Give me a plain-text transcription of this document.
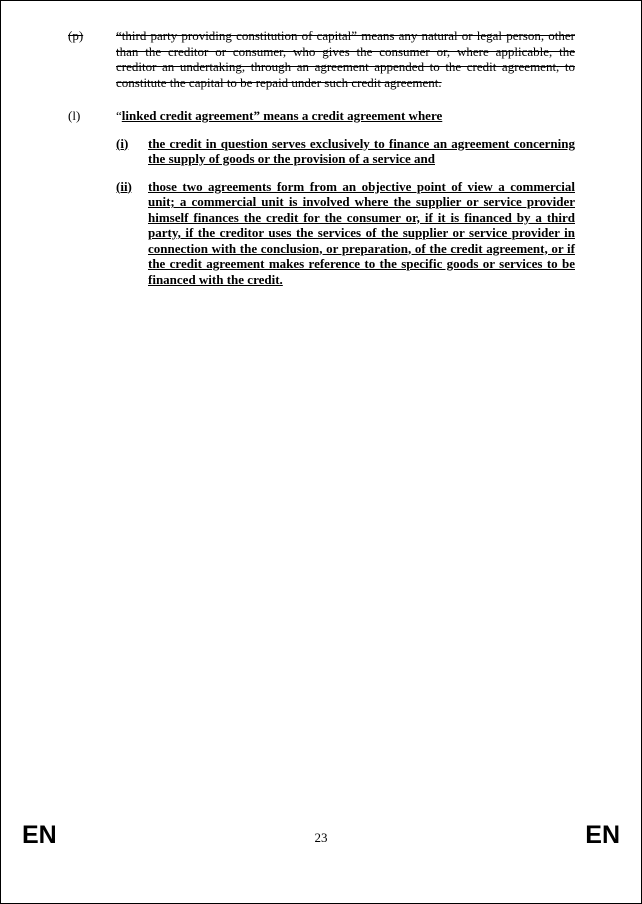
(p)	“third party providing constitution of capital” means any natural or legal person, other than the creditor or consumer, who gives the consumer or, where applicable, the creditor an undertaking, through an agreement appended to the credit agreement, to constitute the capital to be repaid under such credit agreement.
(l)	“linked credit agreement” means a credit agreement where
(i) the credit in question serves exclusively to finance an agreement concerning the supply of goods or the provision of a service and
(ii) those two agreements form from an objective point of view a commercial unit; a commercial unit is involved where the supplier or service provider himself finances the credit for the consumer or, if it is financed by a third party, if the creditor uses the services of the supplier or service provider in connection with the conclusion, or preparation, of the credit agreement, or if the credit agreement makes reference to the specific goods or services to be financed with the credit.
EN	23	EN
